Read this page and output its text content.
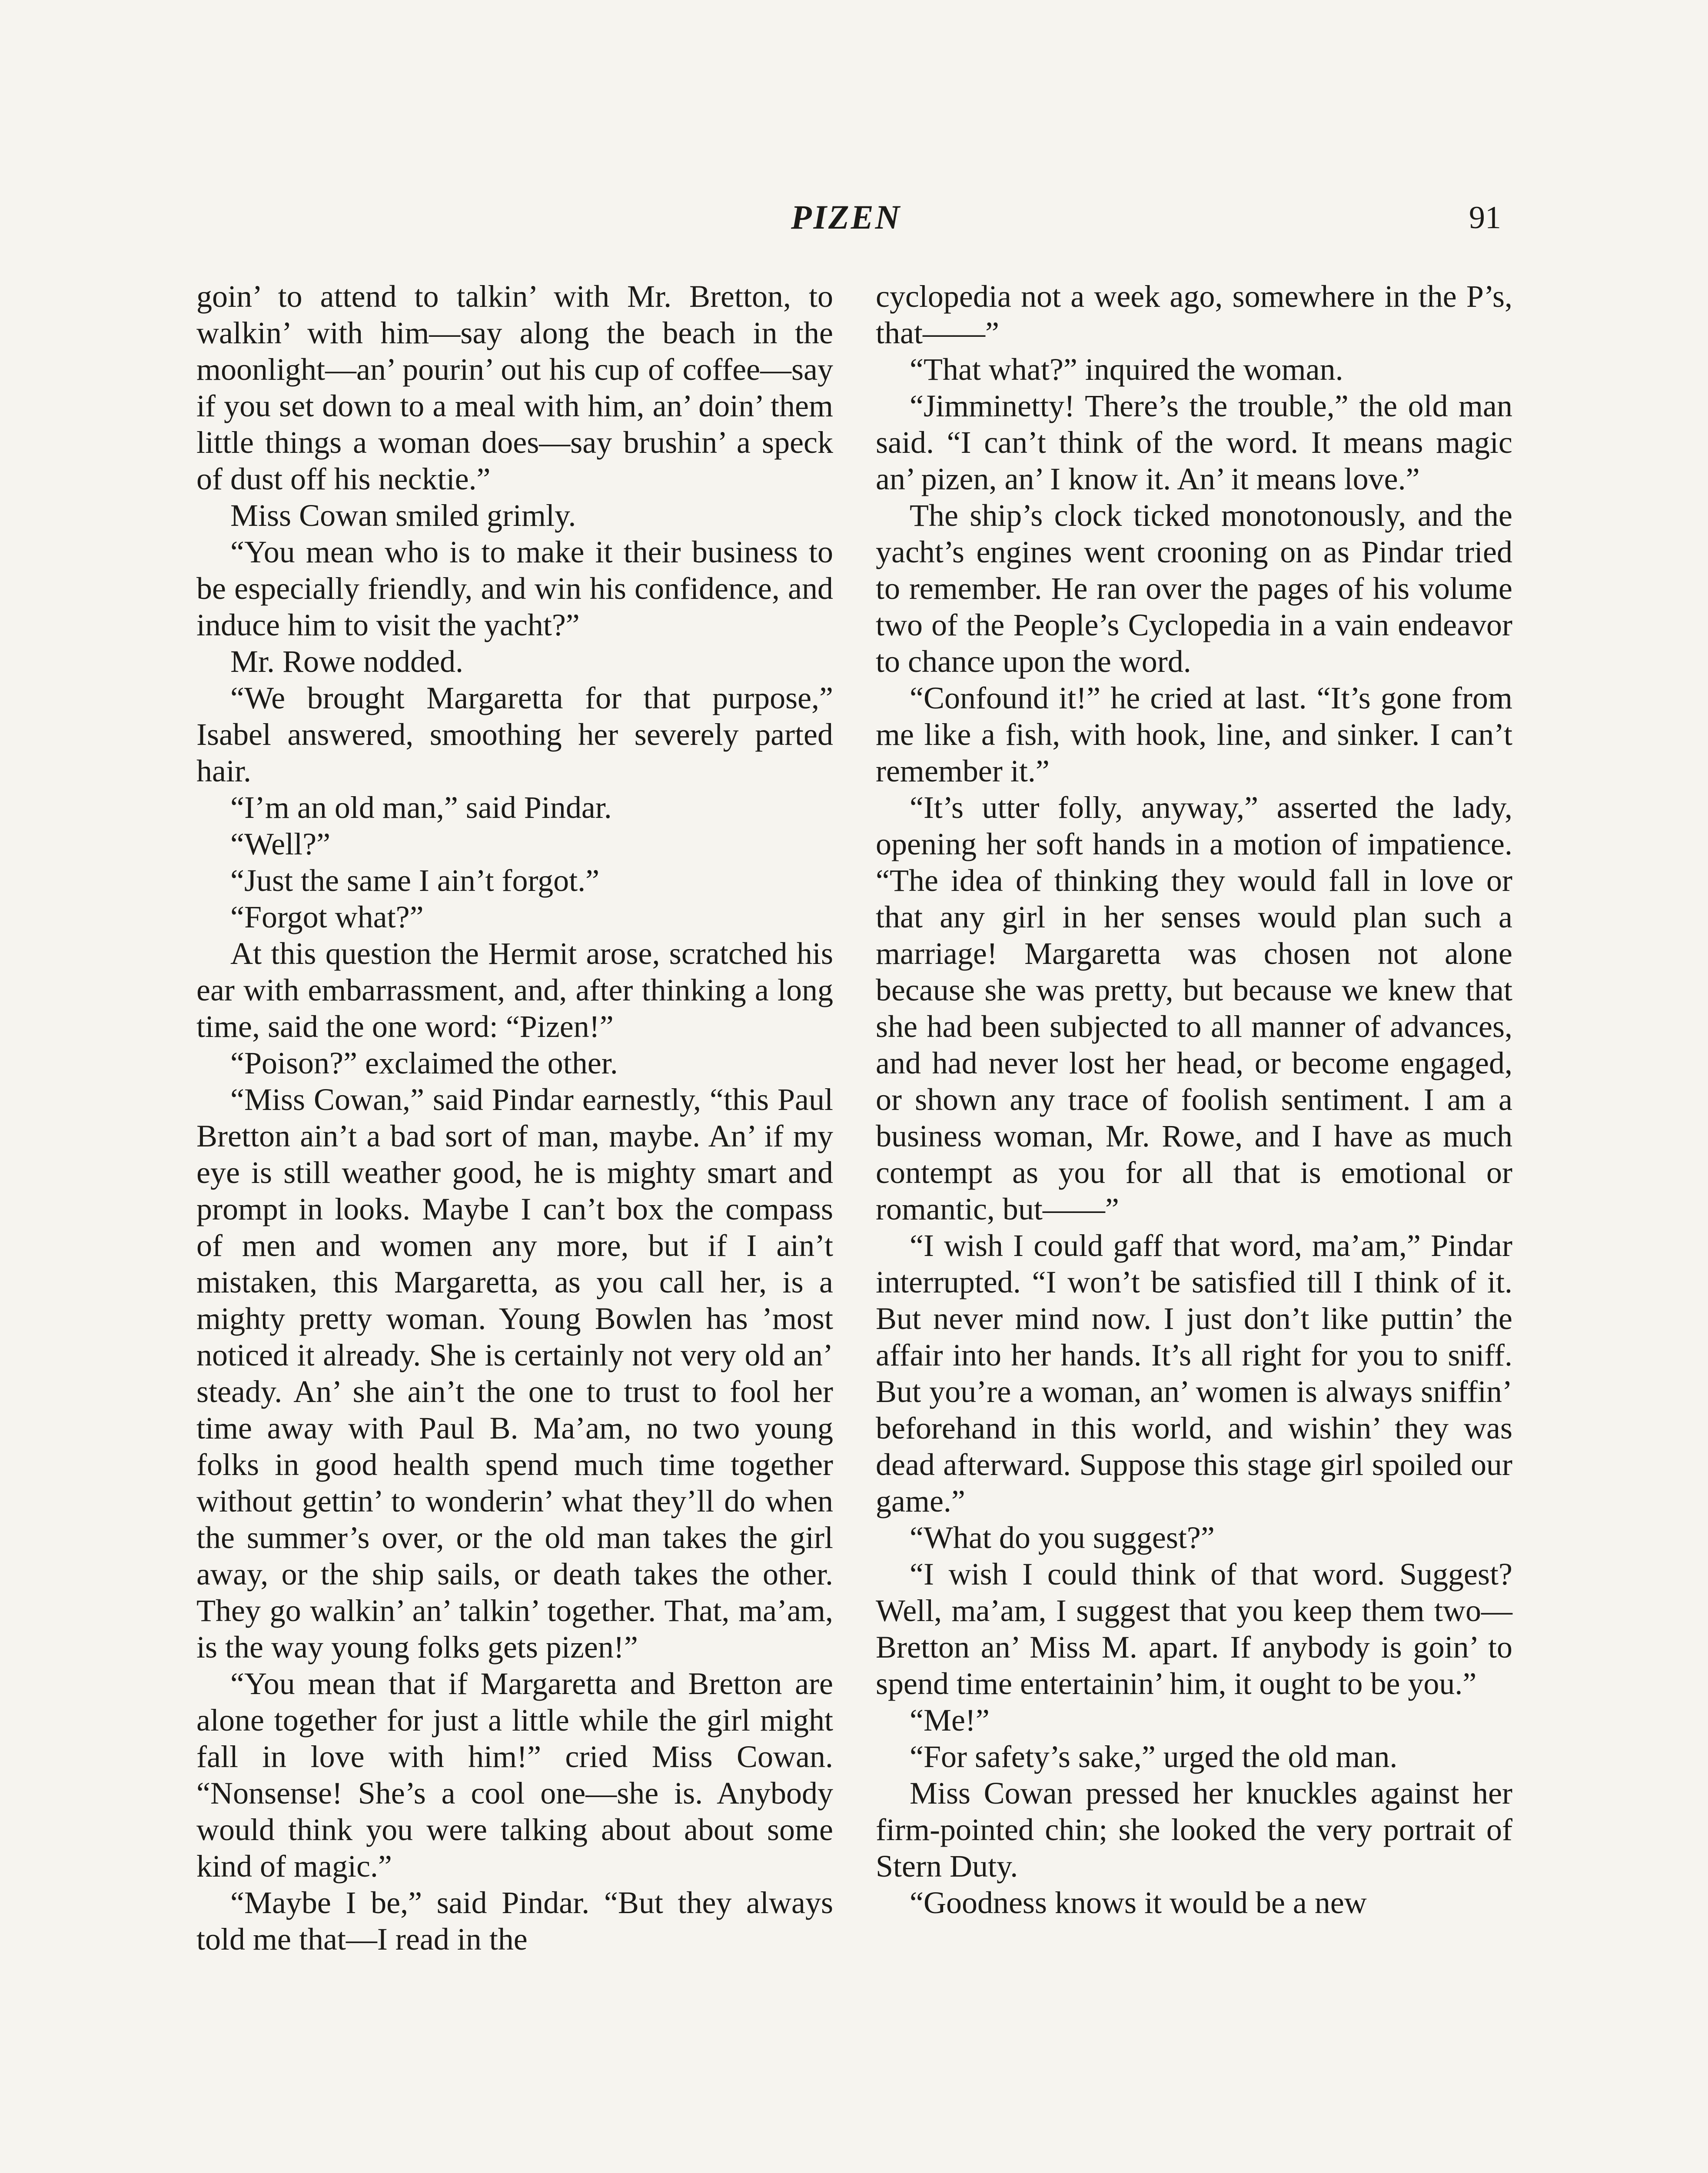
PIZEN	91

goin’ to attend to talkin’ with Mr. Bretton, to walkin’ with him—say along the beach in the moonlight—an’ pourin’ out his cup of coffee—say if you set down to a meal with him, an’ doin’ them little things a woman does—say brushin’ a speck of dust off his necktie.”

Miss Cowan smiled grimly.

“You mean who is to make it their business to be especially friendly, and win his confidence, and induce him to visit the yacht?”

Mr. Rowe nodded.

“We brought Margaretta for that purpose,” Isabel answered, smoothing her severely parted hair.

“I’m an old man,” said Pindar.

“Well?”

“Just the same I ain’t forgot.”

“Forgot what?”

At this question the Hermit arose, scratched his ear with embarrassment, and, after thinking a long time, said the one word: “Pizen!”

“Poison?” exclaimed the other.

“Miss Cowan,” said Pindar earnestly, “this Paul Bretton ain’t a bad sort of man, maybe. An’ if my eye is still weather good, he is mighty smart and prompt in looks. Maybe I can’t box the compass of men and women any more, but if I ain’t mistaken, this Margaretta, as you call her, is a mighty pretty woman. Young Bowlen has ’most noticed it already. She is certainly not very old an’ steady. An’ she ain’t the one to trust to fool her time away with Paul B. Ma’am, no two young folks in good health spend much time together without gettin’ to wonderin’ what they’ll do when the summer’s over, or the old man takes the girl away, or the ship sails, or death takes the other. They go walkin’ an’ talkin’ together. That, ma’am, is the way young folks gets pizen!”

“You mean that if Margaretta and Bretton are alone together for just a little while the girl might fall in love with him!” cried Miss Cowan. “Nonsense! She’s a cool one—she is. Anybody would think you were talking about about some kind of magic.”

“Maybe I be,” said Pindar. “But they always told me that—I read in the

cyclopedia not a week ago, somewhere in the P’s, that——”

“That what?” inquired the woman.

“Jimminetty! There’s the trouble,” the old man said. “I can’t think of the word. It means magic an’ pizen, an’ I know it. An’ it means love.”

The ship’s clock ticked monotonously, and the yacht’s engines went crooning on as Pindar tried to remember. He ran over the pages of his volume two of the People’s Cyclopedia in a vain endeavor to chance upon the word.

“Confound it!” he cried at last. “It’s gone from me like a fish, with hook, line, and sinker. I can’t remember it.”

“It’s utter folly, anyway,” asserted the lady, opening her soft hands in a motion of impatience. “The idea of thinking they would fall in love or that any girl in her senses would plan such a marriage! Margaretta was chosen not alone because she was pretty, but because we knew that she had been subjected to all manner of advances, and had never lost her head, or become engaged, or shown any trace of foolish sentiment. I am a business woman, Mr. Rowe, and I have as much contempt as you for all that is emotional or romantic, but——”

“I wish I could gaff that word, ma’am,” Pindar interrupted. “I won’t be satisfied till I think of it. But never mind now. I just don’t like puttin’ the affair into her hands. It’s all right for you to sniff. But you’re a woman, an’ women is always sniffin’ beforehand in this world, and wishin’ they was dead afterward. Suppose this stage girl spoiled our game.”

“What do you suggest?”

“I wish I could think of that word. Suggest? Well, ma’am, I suggest that you keep them two—Bretton an’ Miss M. apart. If anybody is goin’ to spend time entertainin’ him, it ought to be you.”

“Me!”

“For safety’s sake,” urged the old man.

Miss Cowan pressed her knuckles against her firm-pointed chin; she looked the very portrait of Stern Duty.

“Goodness knows it would be a new
